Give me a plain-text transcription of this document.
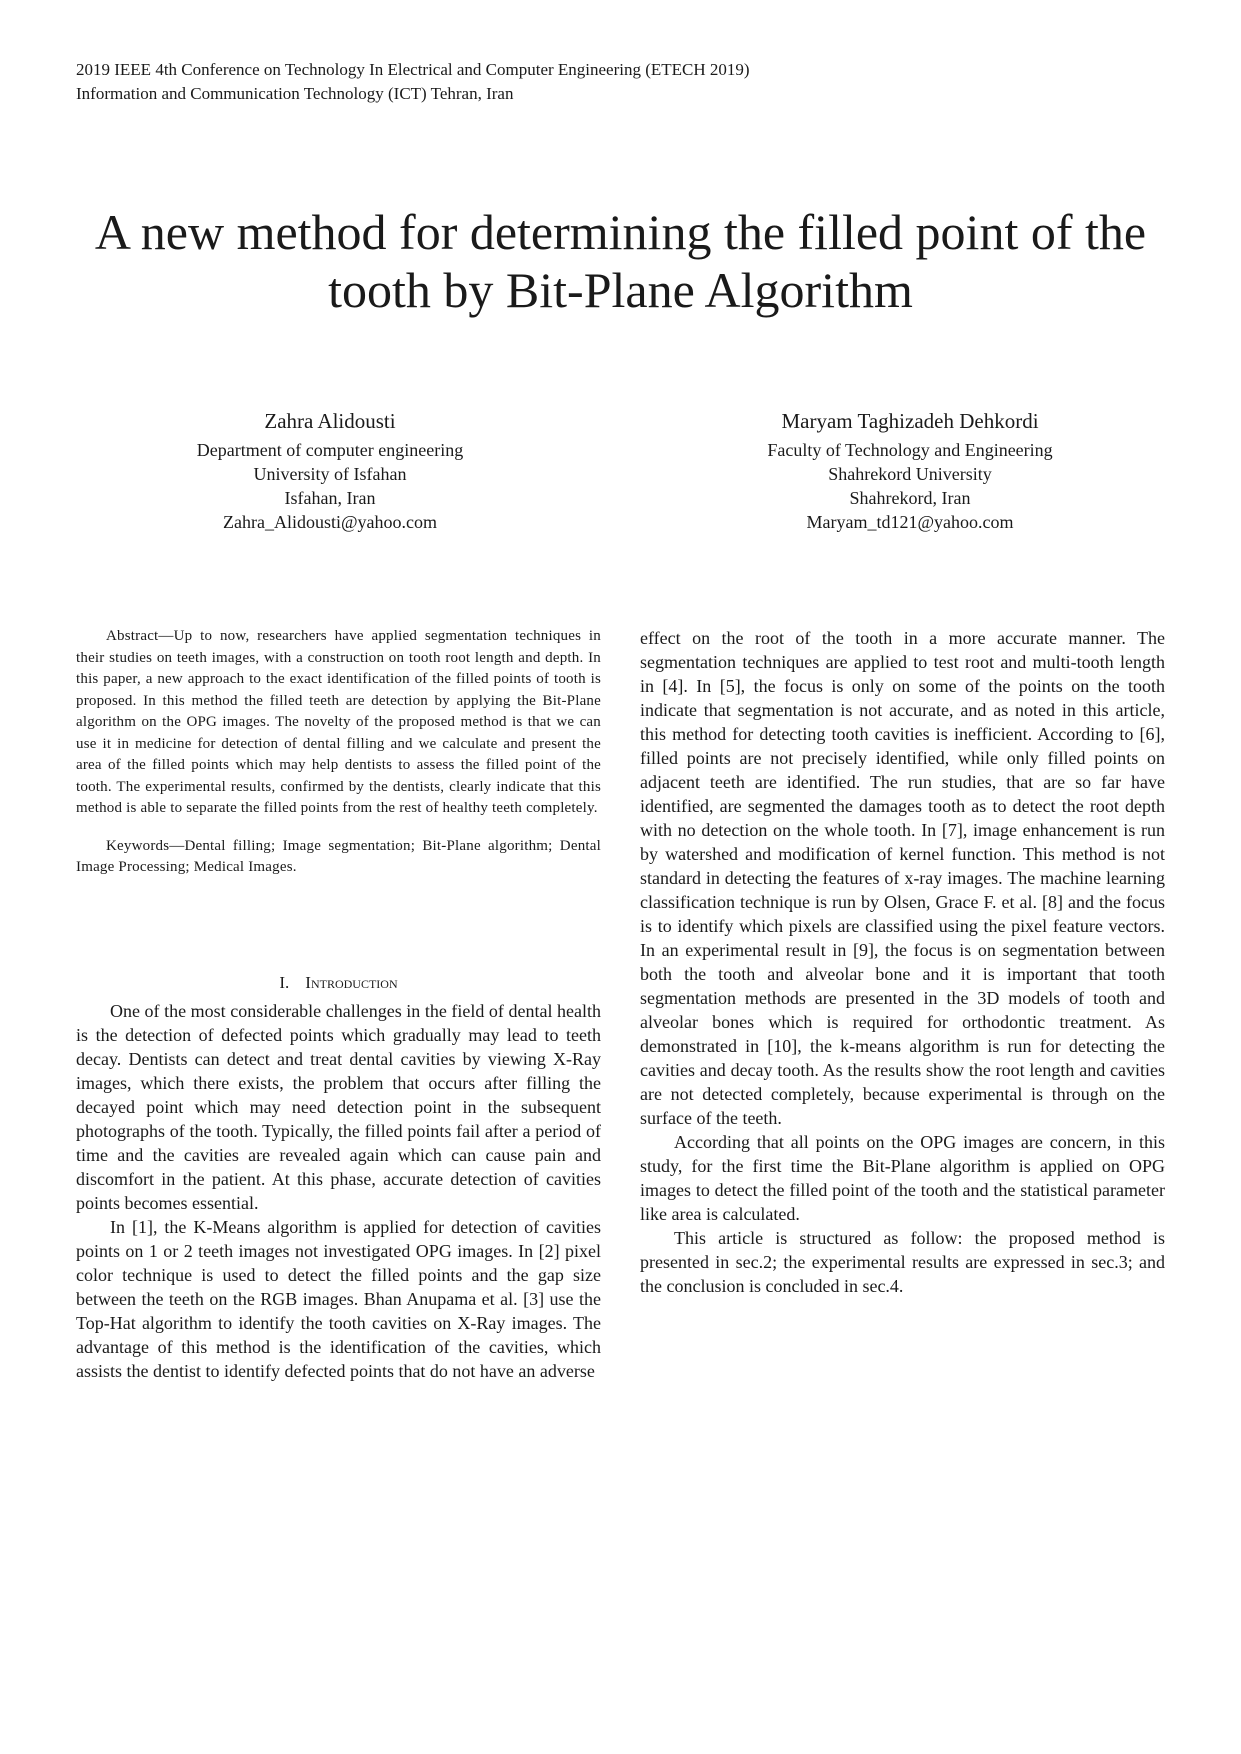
2019 IEEE 4th Conference on Technology In Electrical and Computer Engineering (ETECH 2019)
Information and Communication Technology (ICT) Tehran, Iran
A new method for determining the filled point of the
tooth by Bit-Plane Algorithm
Zahra Alidousti
Department of computer engineering
University of Isfahan
Isfahan, Iran
Zahra_Alidousti@yahoo.com
Maryam Taghizadeh Dehkordi
Faculty of Technology and Engineering
Shahrekord University
Shahrekord, Iran
Maryam_td121@yahoo.com

Abstract—Up to now, researchers have applied segmentation techniques in their studies on teeth images, with a construction on tooth root length and depth. In this paper, a new approach to the exact identification of the filled points of tooth is proposed. In this method the filled teeth are detection by applying the Bit-Plane algorithm on the OPG images. The novelty of the proposed method is that we can use it in medicine for detection of dental filling and we calculate and present the area of the filled points which may help dentists to assess the filled point of the tooth. The experimental results, confirmed by the dentists, clearly indicate that this method is able to separate the filled points from the rest of healthy teeth completely.

Keywords—Dental filling; Image segmentation; Bit-Plane algorithm; Dental Image Processing; Medical Images.

I. Introduction

One of the most considerable challenges in the field of dental health is the detection of defected points which gradually may lead to teeth decay. Dentists can detect and treat dental cavities by viewing X-Ray images, which there exists, the problem that occurs after filling the decayed point which may need detection point in the subsequent photographs of the tooth. Typically, the filled points fail after a period of time and the cavities are revealed again which can cause pain and discomfort in the patient. At this phase, accurate detection of cavities points becomes essential.

In [1], the K-Means algorithm is applied for detection of cavities points on 1 or 2 teeth images not investigated OPG images. In [2] pixel color technique is used to detect the filled points and the gap size between the teeth on the RGB images. Bhan Anupama et al. [3] use the Top-Hat algorithm to identify the tooth cavities on X-Ray images. The advantage of this method is the identification of the cavities, which assists the dentist to identify defected points that do not have an adverse

effect on the root of the tooth in a more accurate manner. The segmentation techniques are applied to test root and multi-tooth length in [4]. In [5], the focus is only on some of the points on the tooth indicate that segmentation is not accurate, and as noted in this article, this method for detecting tooth cavities is inefficient. According to [6], filled points are not precisely identified, while only filled points on adjacent teeth are identified. The run studies, that are so far have identified, are segmented the damages tooth as to detect the root depth with no detection on the whole tooth. In [7], image enhancement is run by watershed and modification of kernel function. This method is not standard in detecting the features of x-ray images. The machine learning classification technique is run by Olsen, Grace F. et al. [8] and the focus is to identify which pixels are classified using the pixel feature vectors. In an experimental result in [9], the focus is on segmentation between both the tooth and alveolar bone and it is important that tooth segmentation methods are presented in the 3D models of tooth and alveolar bones which is required for orthodontic treatment. As demonstrated in [10], the k-means algorithm is run for detecting the cavities and decay tooth. As the results show the root length and cavities are not detected completely, because experimental is through on the surface of the teeth.

According that all points on the OPG images are concern, in this study, for the first time the Bit-Plane algorithm is applied on OPG images to detect the filled point of the tooth and the statistical parameter like area is calculated.

This article is structured as follow: the proposed method is presented in sec.2; the experimental results are expressed in sec.3; and the conclusion is concluded in sec.4.
